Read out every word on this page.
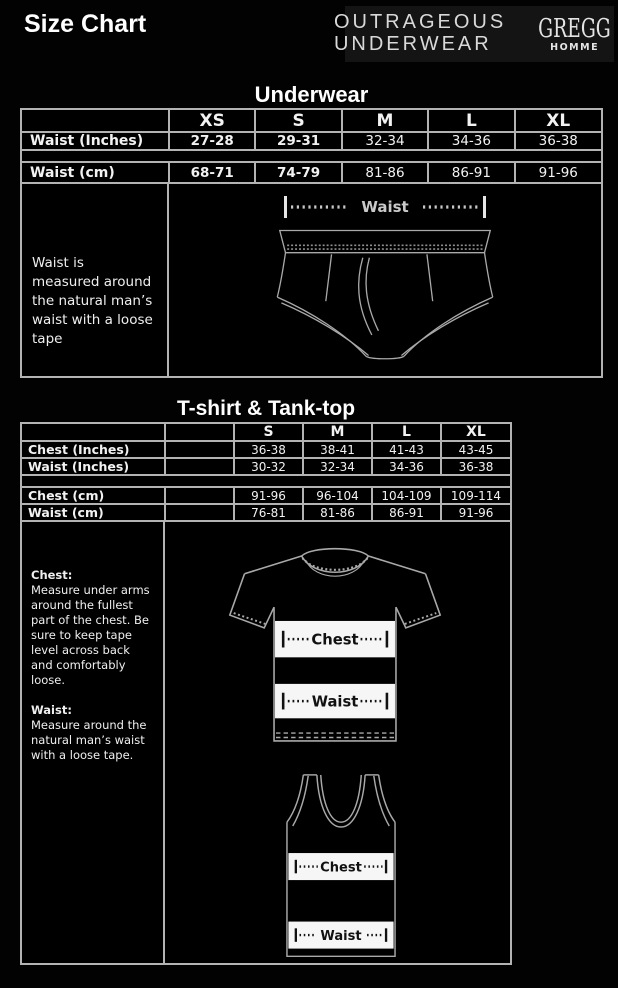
Size Chart	OUTRAGEOUS
UNDERWEAR
GREGG
HOMME
Underwear
	XS	S	M	L	XL
Waist (Inches)	27-28	29-31	32-34	34-36	36-38

Waist (cm)	68-71	74-79	81-86	86-91	91-96
Waist is measured around the natural man’s waist with a loose tape
Waist
T-shirt & Tank-top
		S	M	L	XL
Chest (Inches)		36-38	38-41	41-43	43-45
Waist (Inches)		30-32	32-34	34-36	36-38

Chest (cm)		91-96	96-104	104-109	109-114
Waist (cm)		76-81	81-86	86-91	91-96
Chest:
Measure under arms around the fullest part of the chest. Be sure to keep tape level across back and comfortably loose.
Waist:
Measure around the natural man’s waist with a loose tape.
Chest
Waist
Chest
Waist
